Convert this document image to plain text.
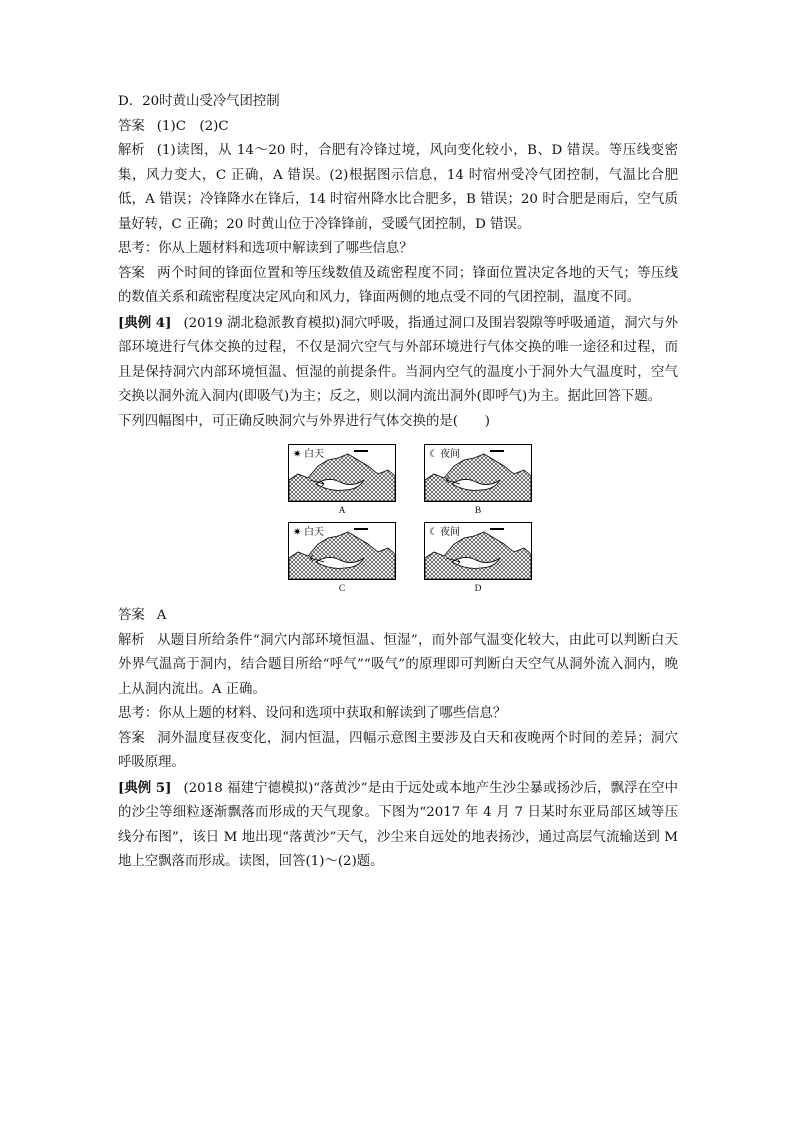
D．20时黄山受冷气团控制

答案 (1)C　(2)C

解析 (1)读图，从 14～20 时，合肥有冷锋过境，风向变化较小，B、D 错误。等压线变密集，风力变大，C 正确，A 错误。(2)根据图示信息，14 时宿州受冷气团控制，气温比合肥低，A 错误；冷锋降水在锋后，14 时宿州降水比合肥多，B 错误；20 时合肥是雨后，空气质量好转，C 正确；20 时黄山位于冷锋锋前，受暖气团控制，D 错误。

思考：你从上题材料和选项中解读到了哪些信息？

答案 两个时间的锋面位置和等压线数值及疏密程度不同；锋面位置决定各地的天气；等压线的数值关系和疏密程度决定风向和风力，锋面两侧的地点受不同的气团控制，温度不同。

[典例 4] (2019 湖北稳派教育模拟)洞穴呼吸，指通过洞口及围岩裂隙等呼吸通道，洞穴与外部环境进行气体交换的过程，不仅是洞穴空气与外部环境进行气体交换的唯一途径和过程，而且是保持洞穴内部环境恒温、恒湿的前提条件。当洞内空气的温度小于洞外大气温度时，空气交换以洞外流入洞内(即吸气)为主；反之，则以洞内流出洞外(即呼气)为主。据此回答下题。

下列四幅图中，可正确反映洞穴与外界进行气体交换的是(　　)

✷ 白天
A
☾ 夜间
B
✷ 白天
C
☾ 夜间
D

答案 A

解析 从题目所给条件“洞穴内部环境恒温、恒湿”，而外部气温变化较大，由此可以判断白天外界气温高于洞内，结合题目所给“呼气”“吸气”的原理即可判断白天空气从洞外流入洞内，晚上从洞内流出。A 正确。

思考：你从上题的材料、设问和选项中获取和解读到了哪些信息？

答案 洞外温度昼夜变化，洞内恒温，四幅示意图主要涉及白天和夜晚两个时间的差异；洞穴呼吸原理。

[典例 5] (2018 福建宁德模拟)“落黄沙”是由于远处或本地产生沙尘暴或扬沙后，飘浮在空中的沙尘等细粒逐渐飘落而形成的天气现象。下图为“2017 年 4 月 7 日某时东亚局部区域等压线分布图”，该日 M 地出现“落黄沙”天气，沙尘来自远处的地表扬沙，通过高层气流输送到 M 地上空飘落而形成。读图，回答(1)～(2)题。
